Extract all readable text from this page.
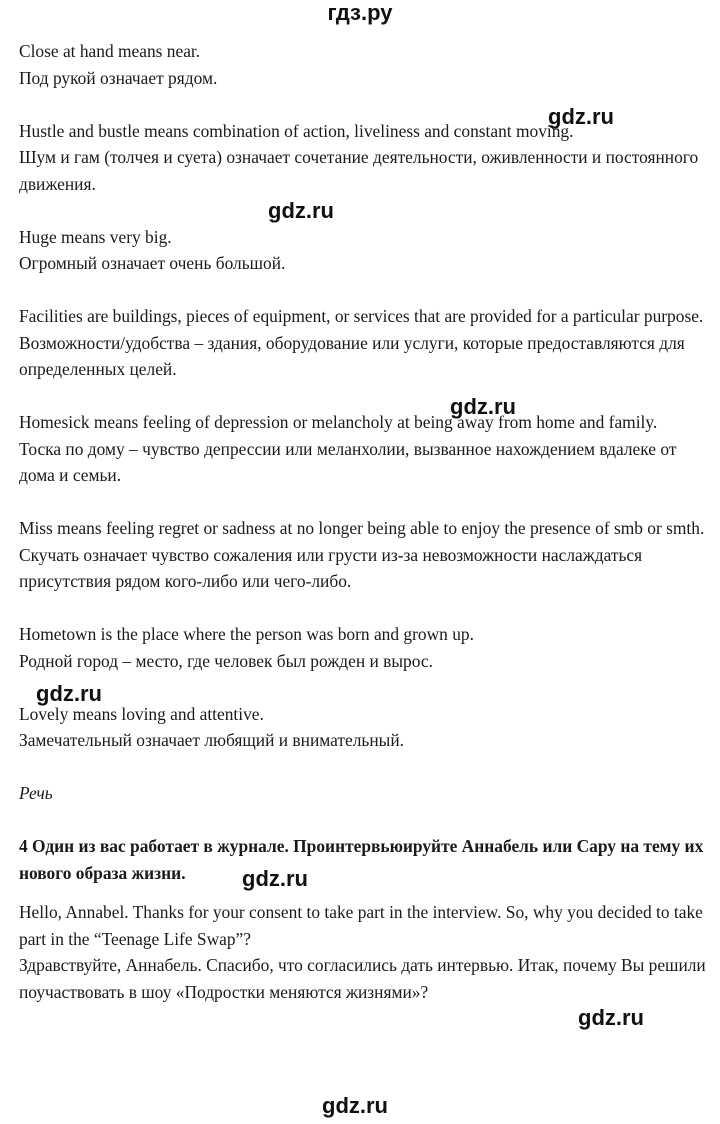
гдз.ру

Close at hand means near.

Под рукой означает рядом.

Hustle and bustle means combination of action, liveliness and constant moving.

Шум и гам (толчея и суета) означает сочетание деятельности, оживленности и постоянного движения.

Huge means very big.

Огромный означает очень большой.

Facilities are buildings, pieces of equipment, or services that are provided for a particular purpose.

Возможности/удобства – здания, оборудование или услуги, которые предоставляются для определенных целей.

Homesick means feeling of depression or melancholy at being away from home and family.

Тоска по дому – чувство депрессии или меланхолии, вызванное нахождением вдалеке от дома и семьи.

Miss means feeling regret or sadness at no longer being able to enjoy the presence of smb or smth.

Скучать означает чувство сожаления или грусти из-за невозможности наслаждаться присутствия рядом кого-либо или чего-либо.

Hometown is the place where the person was born and grown up.

Родной город – место, где человек был рожден и вырос.

Lovely means loving and attentive.

Замечательный означает любящий и внимательный.

Речь

4 Один из вас работает в журнале. Проинтервьюируйте Аннабель или Сару на тему их нового образа жизни.

Hello, Annabel. Thanks for your consent to take part in the interview. So, why you decided to take part in the “Teenage Life Swap”?

Здравствуйте, Аннабель. Спасибо, что согласились дать интервью. Итак, почему Вы решили поучаствовать в шоу «Подростки меняются жизнями»?

gdz.ru
gdz.ru
gdz.ru
gdz.ru
gdz.ru
gdz.ru
gdz.ru
